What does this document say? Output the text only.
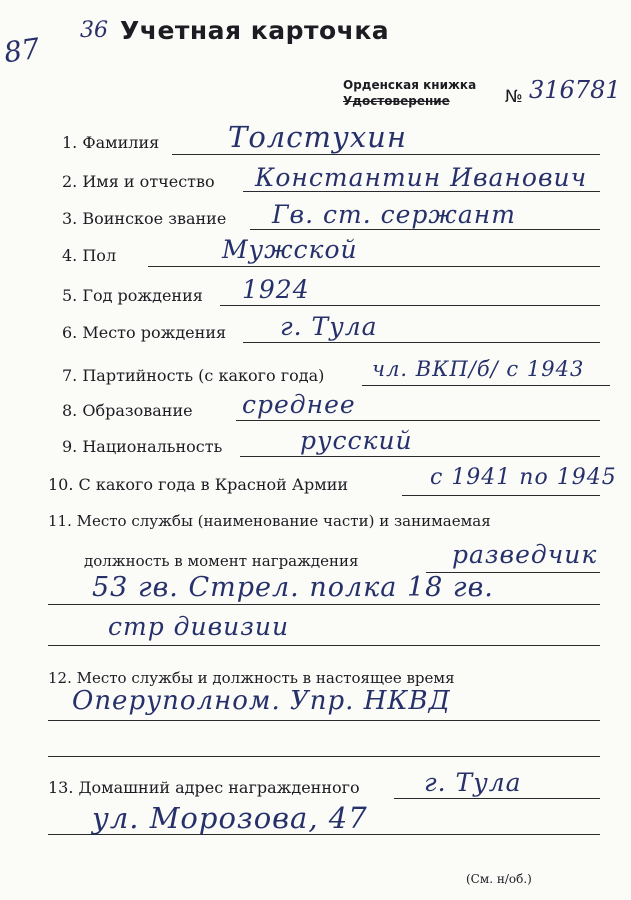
87
36 Учетная карточка
Орденская книжка
Удостоверение	№ 316781
1. Фамилия Толстухин
2. Имя и отчество Константин Иванович
3. Воинское звание Гв. ст. сержант
4. Пол	Мужской
5. Год рождения 1924
6. Место рождения г. Тула
7. Партийность (с какого года) чл. ВКП/б/ с 1943
8. Образование среднее
9. Национальность	русский
10. С какого года в Красной Армии	с 1941 по 1945
11. Место службы (наименование части) и занимаемая
должность в момент награждения	разведчик
53 гв. Стрел. полка 18 гв.
стр дивизии
12. Место службы и должность в настоящее время
Оперуполном. Упр. НКВД
13. Домашний адрес награжденного	г. Тула
ул. Морозова, 47
(См. н/об.)
